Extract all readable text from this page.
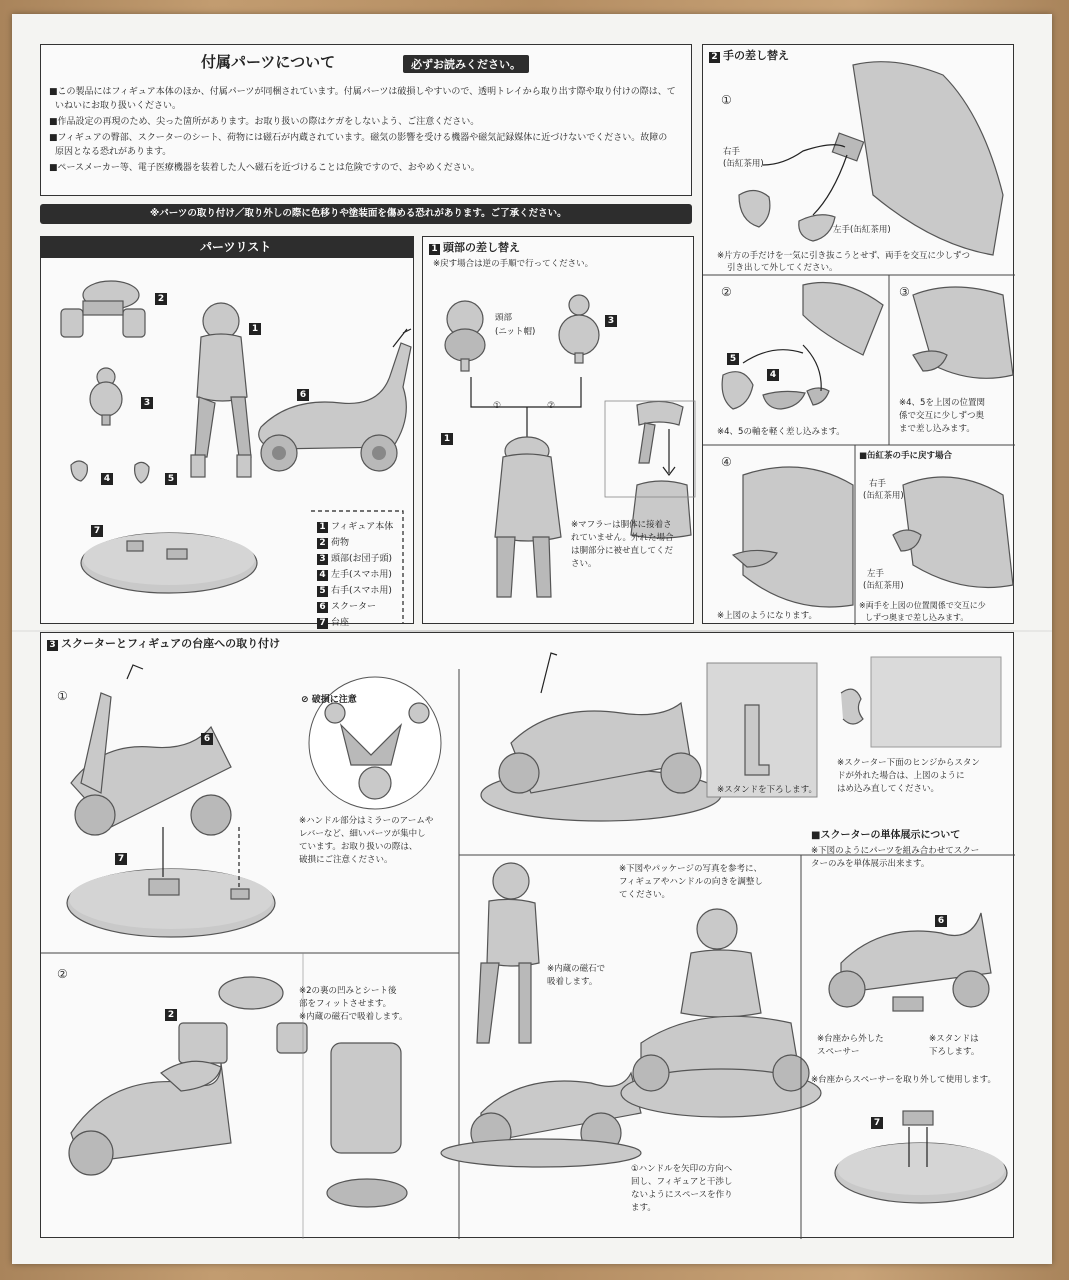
付属パーツについて	必ずお読みください。
■この製品にはフィギュア本体のほか、付属パーツが同梱されています。付属パーツは破損しやすいので、透明トレイから取り出す際や取り付けの際は、て
いねいにお取り扱いください。
■作品設定の再現のため、尖った箇所があります。お取り扱いの際はケガをしないよう、ご注意ください。
■フィギュアの臀部、スクーターのシート、荷物には磁石が内蔵されています。磁気の影響を受ける機器や磁気記録媒体に近づけないでください。故障の
原因となる恐れがあります。
■ペースメーカー等、電子医療機器を装着した人へ磁石を近づけることは危険ですので、おやめください。
※パーツの取り付け／取り外しの際に色移りや塗装面を傷める恐れがあります。ご了承ください。
パーツリスト
2
1
3
6
4	5
7	1 フィギュア本体
2 荷物
3 頭部(お団子頭)
4 左手(スマホ用)
5 右手(スマホ用)
6 スクーター
7 台座
1 頭部の差し替え
※戻す場合は逆の手順で行ってください。
①	②
3
1
頭部
(ニット帽)
※マフラーは胴体に接着さ
れていません。外れた場合
は胴部分に被せ直してくだ
さい。
2 手の差し替え
①
右手
(缶紅茶用)
左手(缶紅茶用)
※片方の手だけを一気に引き抜こうとせず、両手を交互に少しずつ
引き出して外してください。
②	③
5
4
※4、5の軸を軽く差し込みます。
※4、5を上図の位置関
係で交互に少しずつ奥
まで差し込みます。
④
※上図のようになります。
■缶紅茶の手に戻す場合
右手
(缶紅茶用)
左手
(缶紅茶用)
※両手を上図の位置関係で交互に少
しずつ奥まで差し込みます。
3 スクーターとフィギュアの台座への取り付け
①
6
7
⊘ 破損に注意
※ハンドル部分はミラーのアームや
レバーなど、細いパーツが集中し
ています。お取り扱いの際は、
破損にご注意ください。
※スタンドを下ろします。
※スクーター下面のヒンジからスタン
ドが外れた場合は、上図のように
はめ込み直してください。
②
2
※2の裏の凹みとシート後
部をフィットさせます。
※内蔵の磁石で吸着します。
※内蔵の磁石で
吸着します。
※下図やパッケージの写真を参考に、
フィギュアやハンドルの向きを調整し
てください。
①ハンドルを矢印の方向へ
回し、フィギュアと干渉し
ないようにスペースを作り
ます。
■スクーターの単体展示について
※下図のようにパーツを組み合わせてスクー
ターのみを単体展示出来ます。
6
※台座から外した
スペーサー
※スタンドは
下ろします。
※台座からスペーサーを取り外して使用します。
7
